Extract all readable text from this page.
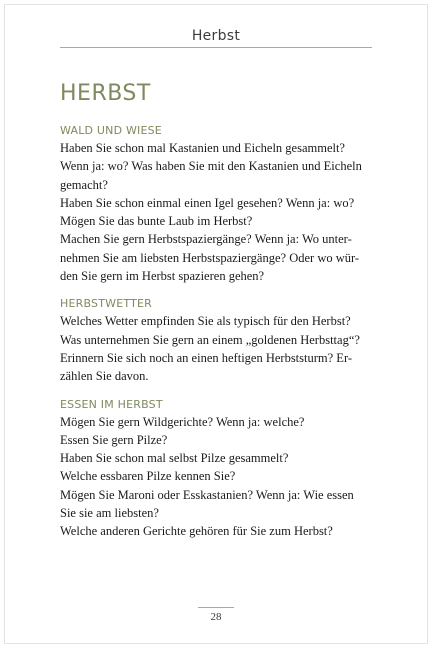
Herbst
HERBST
WALD UND WIESE
Haben Sie schon mal Kastanien und Eicheln gesammelt?
Wenn ja: wo? Was haben Sie mit den Kastanien und Eicheln
gemacht?
Haben Sie schon einmal einen Igel gesehen? Wenn ja: wo?
Mögen Sie das bunte Laub im Herbst?
Machen Sie gern Herbstspaziergänge? Wenn ja: Wo unter-
nehmen Sie am liebsten Herbstspaziergänge? Oder wo wür-
den Sie gern im Herbst spazieren gehen?
HERBSTWETTER
Welches Wetter empfinden Sie als typisch für den Herbst?
Was unternehmen Sie gern an einem „goldenen Herbsttag“?
Erinnern Sie sich noch an einen heftigen Herbststurm? Er-
zählen Sie davon.
ESSEN IM HERBST
Mögen Sie gern Wildgerichte? Wenn ja: welche?
Essen Sie gern Pilze?
Haben Sie schon mal selbst Pilze gesammelt?
Welche essbaren Pilze kennen Sie?
Mögen Sie Maroni oder Esskastanien? Wenn ja: Wie essen
Sie sie am liebsten?
Welche anderen Gerichte gehören für Sie zum Herbst?
28
